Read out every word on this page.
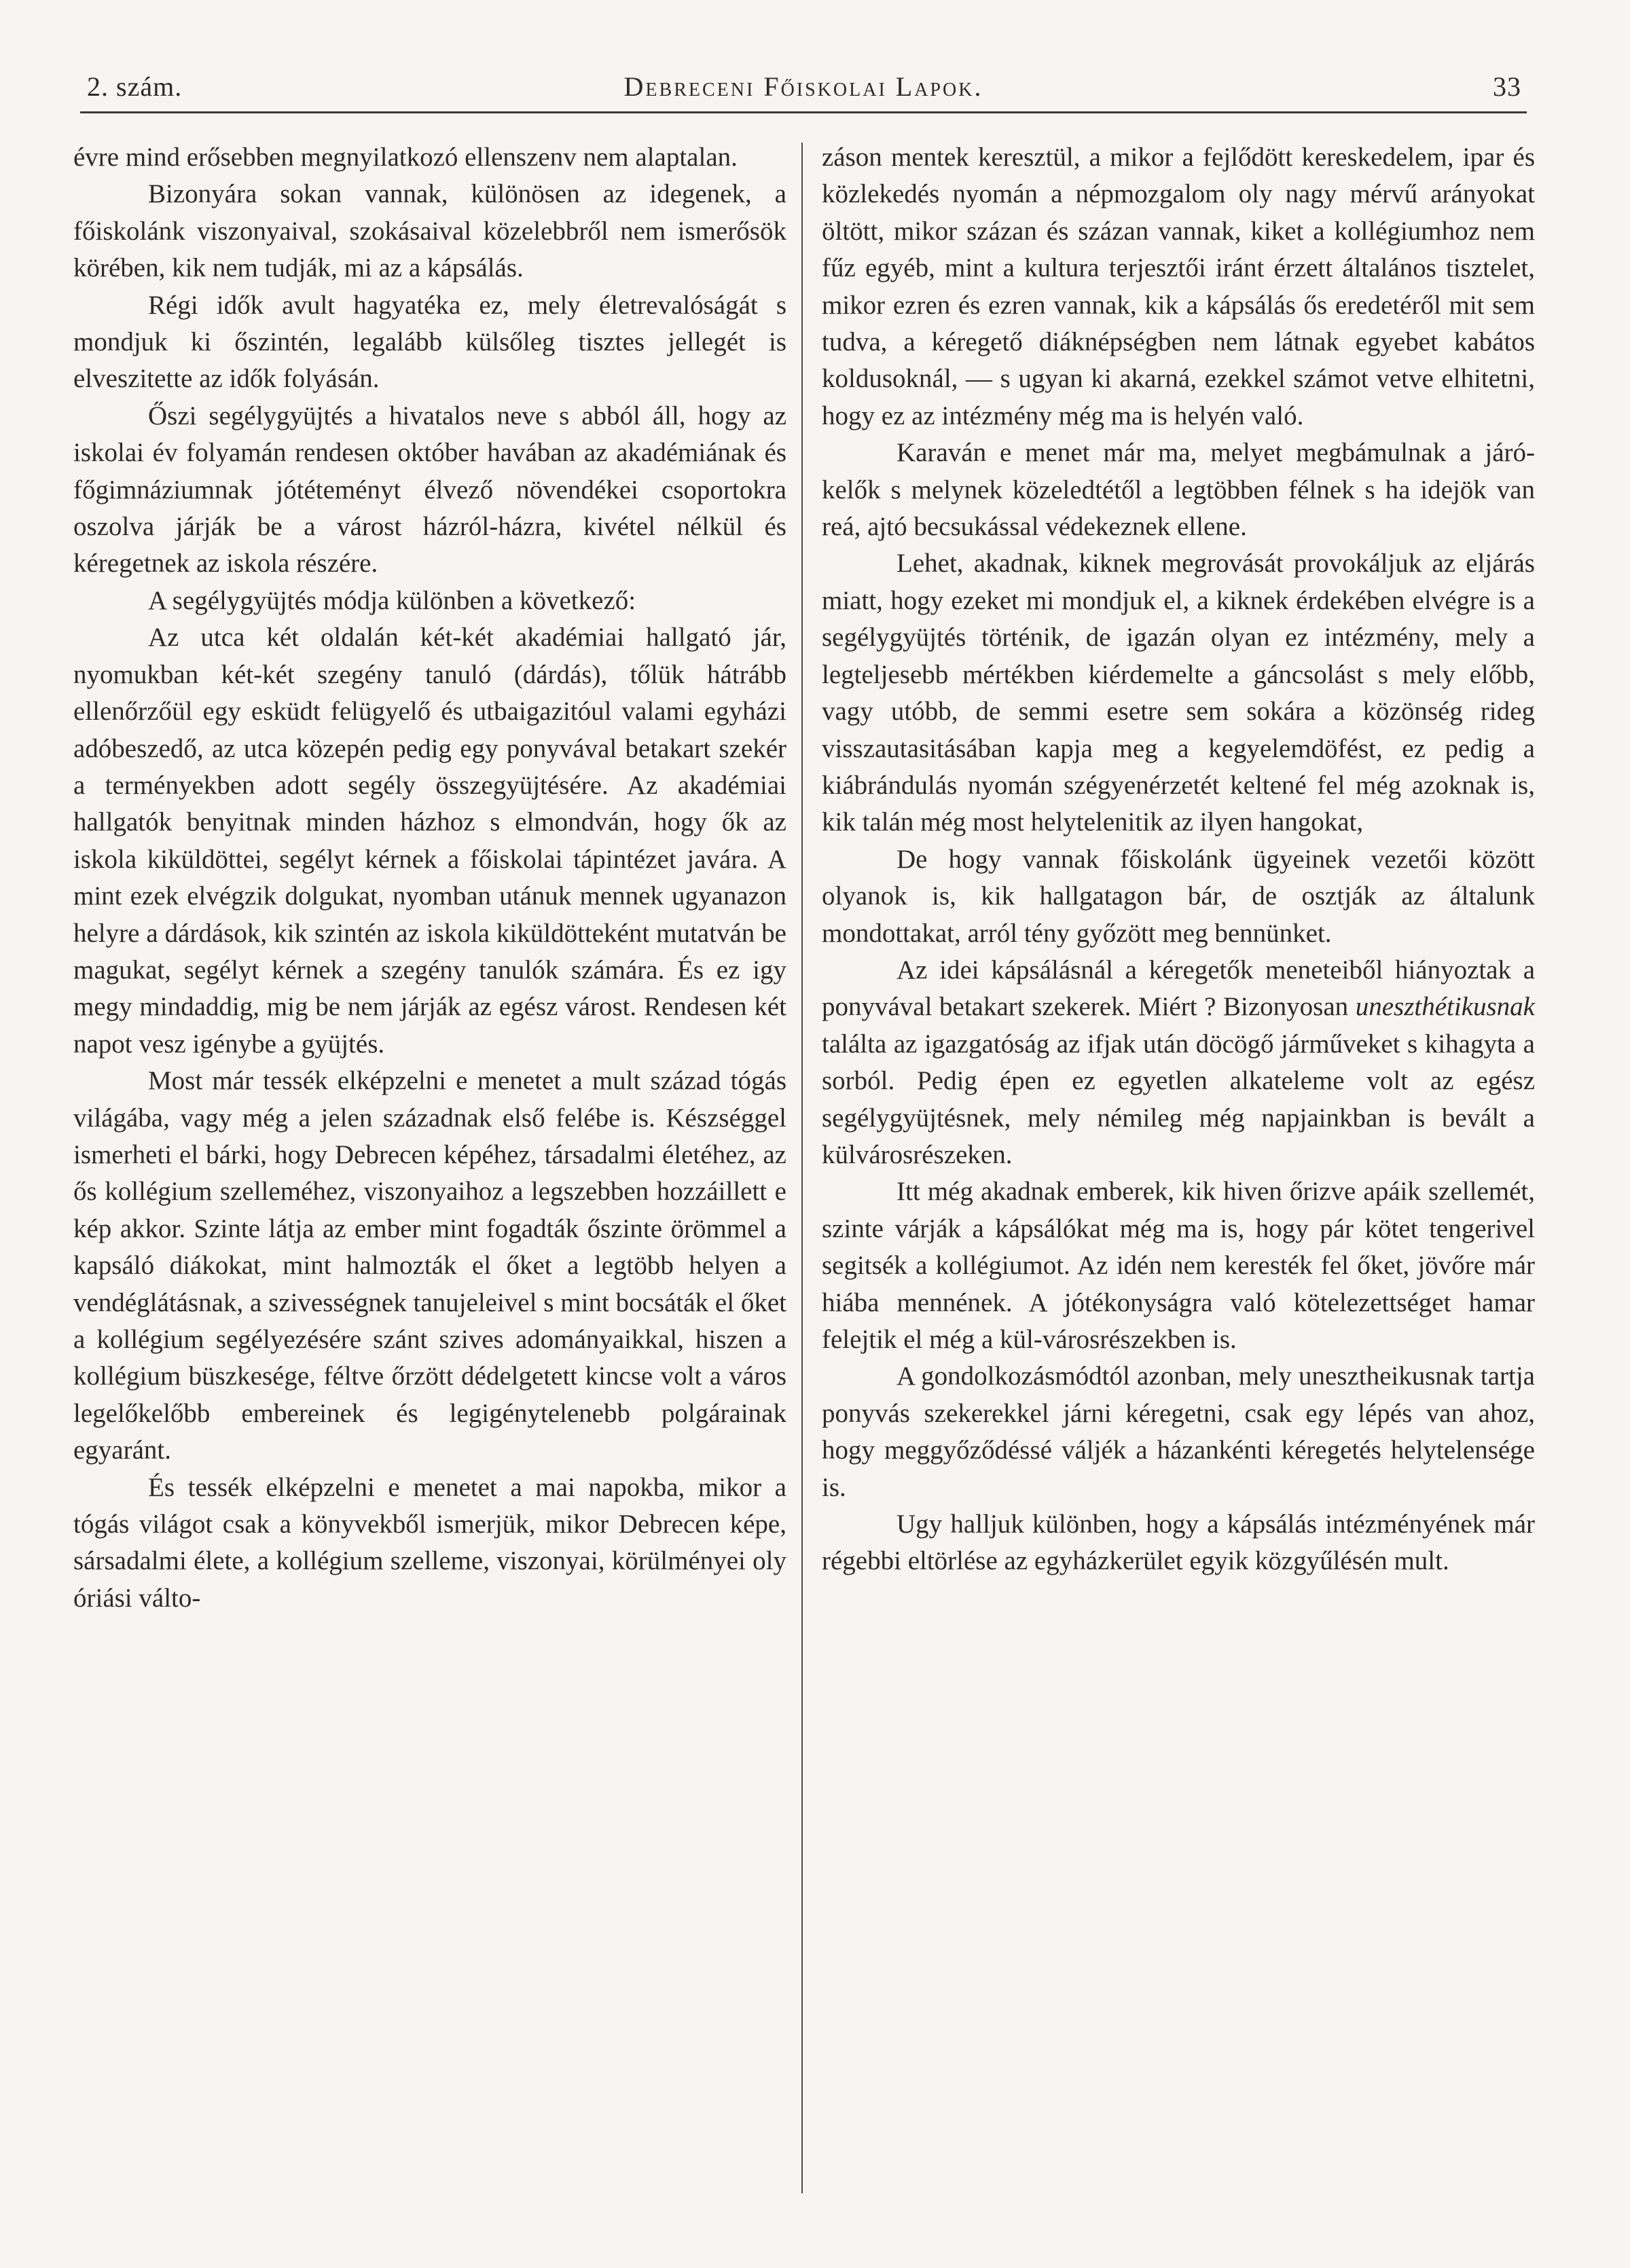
2. szám.	Debreceni Főiskolai Lapok.	33

évre mind erősebben megnyilatkozó ellenszenv nem alaptalan.

Bizonyára sokan vannak, különösen az idegenek, a főiskolánk viszonyaival, szokásaival közelebbről nem ismerősök körében, kik nem tudják, mi az a kápsálás.

Régi idők avult hagyatéka ez, mely életrevalóságát s mondjuk ki őszintén, legalább külsőleg tisztes jellegét is elveszitette az idők folyásán.

Őszi segélygyüjtés a hivatalos neve s abból áll, hogy az iskolai év folyamán rendesen október havában az akadémiának és főgimnáziumnak jótéteményt élvező növendékei csoportokra oszolva járják be a várost házról-házra, kivétel nélkül és kéregetnek az iskola részére.

A segélygyüjtés módja különben a következő:

Az utca két oldalán két-két akadémiai hallgató jár, nyomukban két-két szegény tanuló (dárdás), tőlük hátrább ellenőrzőül egy esküdt felügyelő és utbaigazitóul valami egyházi adóbeszedő, az utca közepén pedig egy ponyvával betakart szekér a terményekben adott segély összegyüjtésére. Az akadémiai hallgatók benyitnak minden házhoz s elmondván, hogy ők az iskola kiküldöttei, segélyt kérnek a főiskolai tápintézet javára. A mint ezek elvégzik dolgukat, nyomban utánuk mennek ugyanazon helyre a dárdások, kik szintén az iskola kiküldötteként mutatván be magukat, segélyt kérnek a szegény tanulók számára. És ez igy megy mindaddig, mig be nem járják az egész várost. Rendesen két napot vesz igénybe a gyüjtés.

Most már tessék elképzelni e menetet a mult század tógás világába, vagy még a jelen századnak első felébe is. Készséggel ismerheti el bárki, hogy Debrecen képéhez, társadalmi életéhez, az ős kollégium szelleméhez, viszonyaihoz a legszebben hozzáillett e kép akkor. Szinte látja az ember mint fogadták őszinte örömmel a kapsáló diákokat, mint halmozták el őket a legtöbb helyen a vendéglátásnak, a szivességnek tanujeleivel s mint bocsáták el őket a kollégium segélyezésére szánt szives adományaikkal, hiszen a kollégium büszkesége, féltve őrzött dédelgetett kincse volt a város legelőkelőbb embereinek és legigénytelenebb polgárainak egyaránt.

És tessék elképzelni e menetet a mai napokba, mikor a tógás világot csak a könyvekből ismerjük, mikor Debrecen képe, sársadalmi élete, a kollégium szelleme, viszonyai, körülményei oly óriási válto-

záson mentek keresztül, a mikor a fejlődött kereskedelem, ipar és közlekedés nyomán a népmozgalom oly nagy mérvű arányokat öltött, mikor százan és százan vannak, kiket a kollégiumhoz nem fűz egyéb, mint a kultura terjesztői iránt érzett általános tisztelet, mikor ezren és ezren vannak, kik a kápsálás ős eredetéről mit sem tudva, a kéregető diáknépségben nem látnak egyebet kabátos koldusoknál, — s ugyan ki akarná, ezekkel számot vetve elhitetni, hogy ez az intézmény még ma is helyén való.

Karaván e menet már ma, melyet megbámulnak a járó-kelők s melynek közeledtétől a legtöbben félnek s ha idejök van reá, ajtó becsukással védekeznek ellene.

Lehet, akadnak, kiknek megrovását provokáljuk az eljárás miatt, hogy ezeket mi mondjuk el, a kiknek érdekében elvégre is a segélygyüjtés történik, de igazán olyan ez intézmény, mely a legteljesebb mértékben kiérdemelte a gáncsolást s mely előbb, vagy utóbb, de semmi esetre sem sokára a közönség rideg visszautasitásában kapja meg a kegyelemdöfést, ez pedig a kiábrándulás nyomán szégyenérzetét keltené fel még azoknak is, kik talán még most helytelenitik az ilyen hangokat,

De hogy vannak főiskolánk ügyeinek vezetői között olyanok is, kik hallgatagon bár, de osztják az általunk mondottakat, arról tény győzött meg bennünket.

Az idei kápsálásnál a kéregetők meneteiből hiányoztak a ponyvával betakart szekerek. Miért ? Bizonyosan uneszthétikusnak találta az igazgatóság az ifjak után döcögő járműveket s kihagyta a sorból. Pedig épen ez egyetlen alkateleme volt az egész segélygyüjtésnek, mely némileg még napjainkban is bevált a külvárosrészeken.

Itt még akadnak emberek, kik hiven őrizve apáik szellemét, szinte várják a kápsálókat még ma is, hogy pár kötet tengerivel segitsék a kollégiumot. Az idén nem keresték fel őket, jövőre már hiába mennének. A jótékonyságra való kötelezettséget hamar felejtik el még a kül-városrészekben is.

A gondolkozásmódtól azonban, mely unesztheikusnak tartja ponyvás szekerekkel járni kéregetni, csak egy lépés van ahoz, hogy meggyőződéssé váljék a házankénti kéregetés helytelensége is.

Ugy halljuk különben, hogy a kápsálás intézményének már régebbi eltörlése az egyházkerület egyik közgyűlésén mult.
